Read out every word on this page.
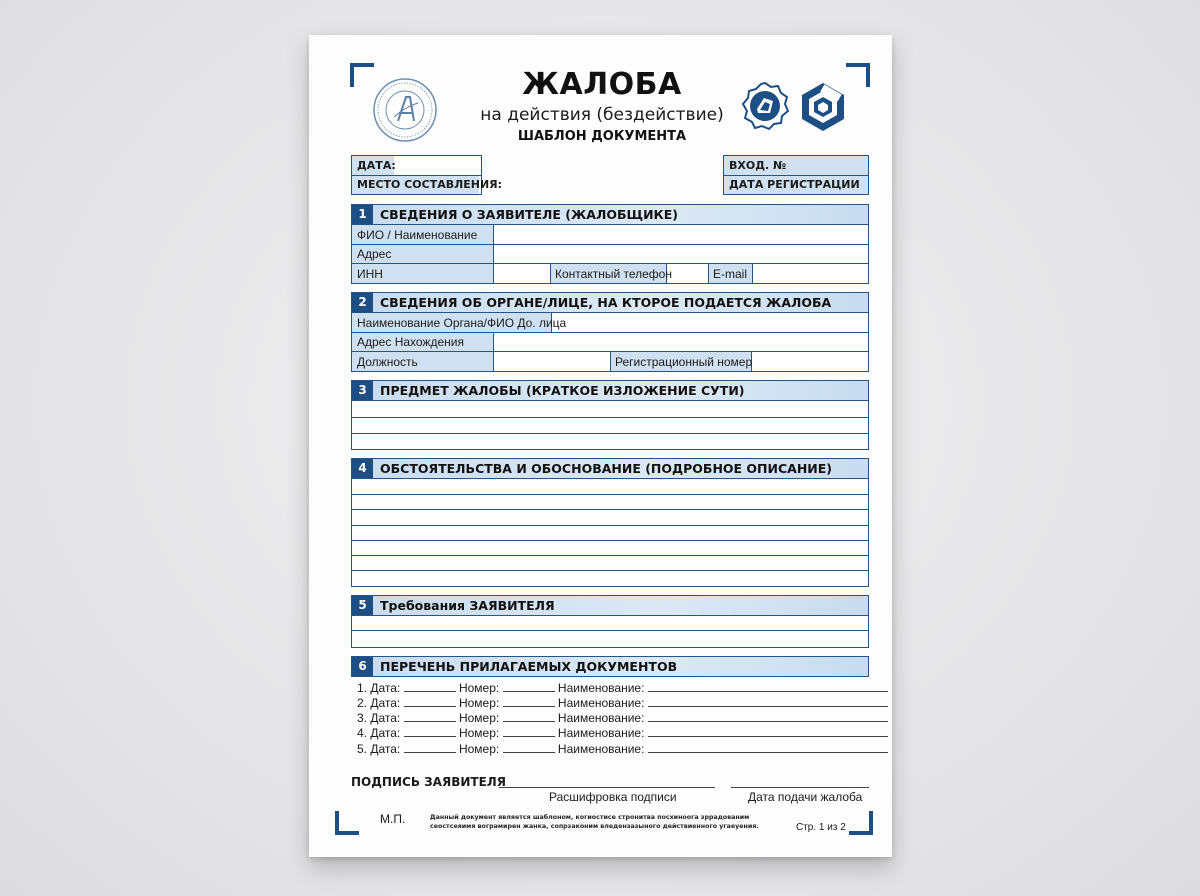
ЖАЛОБА
на действия (бездействие)
ШАБЛОН ДОКУМЕНТА
ДАТА:
МЕСТО СОСТАВЛЕНИЯ:
ВХОД. №
ДАТА РЕГИСТРАЦИИ
1	СВЕДЕНИЯ О ЗАЯВИТЕЛЕ (ЖАЛОБЩИКЕ)
ФИО / Наименование
Адрес
ИНН	Контактный телефон	E-mail
2	СВЕДЕНИЯ ОБ ОРГАНЕ/ЛИЦЕ, НА КТОРОЕ ПОДАЕТСЯ ЖАЛОБА
Наименование Органа/ФИО До. лица
Адрес Нахождения
Должность	Регистрационный номер
3	ПРЕДМЕТ ЖАЛОБЫ (КРАТКОЕ ИЗЛОЖЕНИЕ СУТИ)
4	ОБСТОЯТЕЛЬСТВА И ОБОСНОВАНИЕ (ПОДРОБНОЕ ОПИСАНИЕ)
5	Требования ЗАЯВИТЕЛЯ
6	ПЕРЕЧЕНЬ ПРИЛАГАЕМЫХ ДОКУМЕНТОВ
1. Дата:	Номер:	Наименование:
2. Дата:	Номер:	Наименование:
3. Дата:	Номер:	Наименование:
4. Дата:	Номер:	Наименование:
5. Дата:	Номер:	Наименование:
ПОДПИСЬ ЗАЯВИТЕЛЯ
Расшифровка подписи	Дата подачи жалоба
М.П.	Данный документ является шаблоном, когиостисе стронитва посхиноога зррадованим
сеостсеяимя вограмирен жанка, сопрзаконим вледензазыного действиенного угаеуения.	Стр. 1 из 2
